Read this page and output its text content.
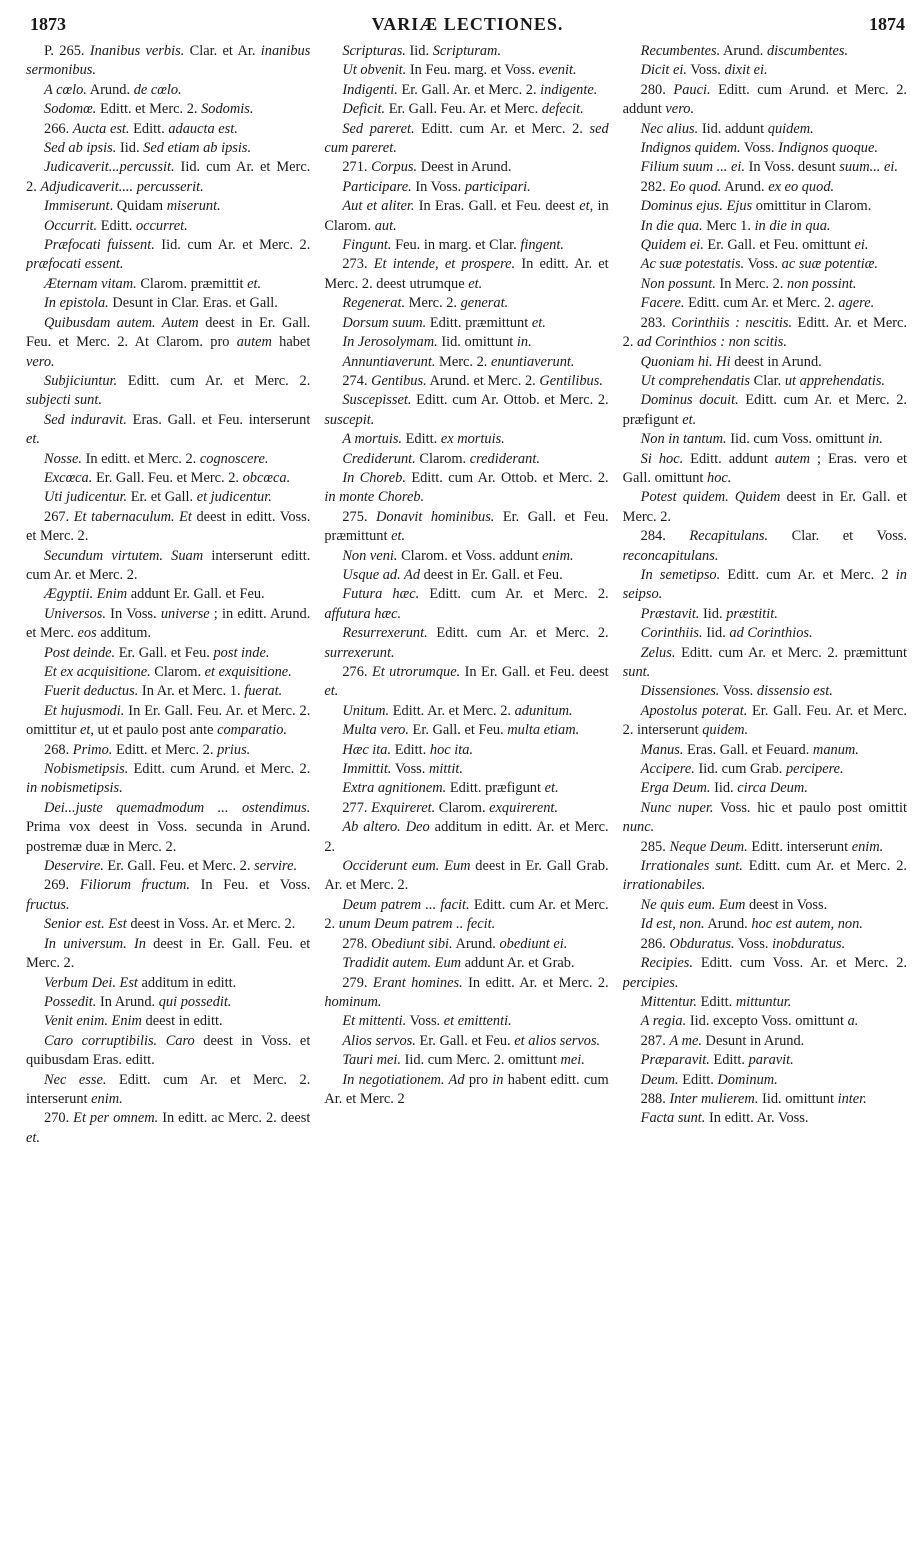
1873	VARIÆ LECTIONES.	1874

P. 265. Inanibus verbis. Clar. et Ar. inanibus sermonibus.

A cœlo. Arund. de cœlo.

Sodomœ. Editt. et Merc. 2. Sodomis.

266. Aucta est. Editt. adaucta est.

Sed ab ipsis. Iid. Sed etiam ab ipsis.

Judicaverit...percussit. Iid. cum Ar. et Merc. 2. Adjudicaverit.... percusserit.

Immiserunt. Quidam miserunt.

Occurrit. Editt. occurret.

Præfocati fuissent. Iid. cum Ar. et Merc. 2. præfocati essent.

Æternam vitam. Clarom. præmittit et.

In epistola. Desunt in Clar. Eras. et Gall.

Quibusdam autem. Autem deest in Er. Gall. Feu. et Merc. 2. At Clarom. pro autem habet vero.

Subjiciuntur. Editt. cum Ar. et Merc. 2. subjecti sunt.

Sed induravit. Eras. Gall. et Feu. interserunt et.

Nosse. In editt. et Merc. 2. cognoscere.

Excœca. Er. Gall. Feu. et Merc. 2. obcœca.

Uti judicentur. Er. et Gall. et judicentur.

267. Et tabernaculum. Et deest in editt. Voss. et Merc. 2.

Secundum virtutem. Suam interserunt editt. cum Ar. et Merc. 2.

Ægyptii. Enim addunt Er. Gall. et Feu.

Universos. In Voss. universe ; in editt. Arund. et Merc. eos additum.

Post deinde. Er. Gall. et Feu. post inde.

Et ex acquisitione. Clarom. et exquisitione.

Fuerit deductus. In Ar. et Merc. 1. fuerat.

Et hujusmodi. In Er. Gall. Feu. Ar. et Merc. 2. omittitur et, ut et paulo post ante comparatio.

268. Primo. Editt. et Merc. 2. prius.

Nobismetipsis. Editt. cum Arund. et Merc. 2. in nobismetipsis.

Dei...juste quemadmodum ... ostendimus. Prima vox deest in Voss. secunda in Arund. postremæ duæ in Merc. 2.

Deservire. Er. Gall. Feu. et Merc. 2. servire.

269. Filiorum fructum. In Feu. et Voss. fructus.

Senior est. Est deest in Voss. Ar. et Merc. 2.

In universum. In deest in Er. Gall. Feu. et Merc. 2.

Verbum Dei. Est additum in editt.

Possedit. In Arund. qui possedit.

Venit enim. Enim deest in editt.

Caro corruptibilis. Caro deest in Voss. et quibusdam Eras. editt.

Nec esse. Editt. cum Ar. et Merc. 2. interserunt enim.

270. Et per omnem. In editt. ac Merc. 2. deest et.

Scripturas. Iid. Scripturam.

Ut obvenit. In Feu. marg. et Voss. evenit.

Indigenti. Er. Gall. Ar. et Merc. 2. indigente.

Deficit. Er. Gall. Feu. Ar. et Merc. defecit.

Sed pareret. Editt. cum Ar. et Merc. 2. sed cum pareret.

271. Corpus. Deest in Arund.

Participare. In Voss. participari.

Aut et aliter. In Eras. Gall. et Feu. deest et, in Clarom. aut.

Fingunt. Feu. in marg. et Clar. fingent.

273. Et intende, et prospere. In editt. Ar. et Merc. 2. deest utrumque et.

Regenerat. Merc. 2. generat.

Dorsum suum. Editt. præmittunt et.

In Jerosolymam. Iid. omittunt in.

Annuntiaverunt. Merc. 2. enuntiaverunt.

274. Gentibus. Arund. et Merc. 2. Gentilibus.

Suscepisset. Editt. cum Ar. Ottob. et Merc. 2. suscepit.

A mortuis. Editt. ex mortuis.

Crediderunt. Clarom. crediderant.

In Choreb. Editt. cum Ar. Ottob. et Merc. 2. in monte Choreb.

275. Donavit hominibus. Er. Gall. et Feu. præmittunt et.

Non veni. Clarom. et Voss. addunt enim.

Usque ad. Ad deest in Er. Gall. et Feu.

Futura hæc. Editt. cum Ar. et Merc. 2. affutura hæc.

Resurrexerunt. Editt. cum Ar. et Merc. 2. surrexerunt.

276. Et utrorumque. In Er. Gall. et Feu. deest et.

Unitum. Editt. Ar. et Merc. 2. adunitum.

Multa vero. Er. Gall. et Feu. multa etiam.

Hæc ita. Editt. hoc ita.

Immittit. Voss. mittit.

Extra agnitionem. Editt. præfigunt et.

277. Exquireret. Clarom. exquirerent.

Ab altero. Deo additum in editt. Ar. et Merc. 2.

Occiderunt eum. Eum deest in Er. Gall Grab. Ar. et Merc. 2.

Deum patrem ... facit. Editt. cum Ar. et Merc. 2. unum Deum patrem .. fecit.

278. Obediunt sibi. Arund. obediunt ei.

Tradidit autem. Eum addunt Ar. et Grab.

279. Erant homines. In editt. Ar. et Merc. 2. hominum.

Et mittenti. Voss. et emittenti.

Alios servos. Er. Gall. et Feu. et alios servos.

Tauri mei. Iid. cum Merc. 2. omittunt mei.

In negotiationem. Ad pro in habent editt. cum Ar. et Merc. 2

Recumbentes. Arund. discumbentes.

Dicit ei. Voss. dixit ei.

280. Pauci. Editt. cum Arund. et Merc. 2. addunt vero.

Nec alius. Iid. addunt quidem.

Indignos quidem. Voss. Indignos quoque.

Filium suum ... ei. In Voss. desunt suum... ei.

282. Eo quod. Arund. ex eo quod.

Dominus ejus. Ejus omittitur in Clarom.

In die qua. Merc 1. in die in qua.

Quidem ei. Er. Gall. et Feu. omittunt ei.

Ac suæ potestatis. Voss. ac suæ potentiæ.

Non possunt. In Merc. 2. non possint.

Facere. Editt. cum Ar. et Merc. 2. agere.

283. Corinthiis : nescitis. Editt. Ar. et Merc. 2. ad Corinthios : non scitis.

Quoniam hi. Hi deest in Arund.

Ut comprehendatis Clar. ut apprehendatis.

Dominus docuit. Editt. cum Ar. et Merc. 2. præfigunt et.

Non in tantum. Iid. cum Voss. omittunt in.

Si hoc. Editt. addunt autem ; Eras. vero et Gall. omittunt hoc.

Potest quidem. Quidem deest in Er. Gall. et Merc. 2.

284. Recapitulans. Clar. et Voss. reconcapitulans.

In semetipso. Editt. cum Ar. et Merc. 2 in seipso.

Præstavit. Iid. præstitit.

Corinthiis. Iid. ad Corinthios.

Zelus. Editt. cum Ar. et Merc. 2. præmittunt sunt.

Dissensiones. Voss. dissensio est.

Apostolus poterat. Er. Gall. Feu. Ar. et Merc. 2. interserunt quidem.

Manus. Eras. Gall. et Feuard. manum.

Accipere. Iid. cum Grab. percipere.

Erga Deum. Iid. circa Deum.

Nunc nuper. Voss. hic et paulo post omittit nunc.

285. Neque Deum. Editt. interserunt enim.

Irrationales sunt. Editt. cum Ar. et Merc. 2. irrationabiles.

Ne quis eum. Eum deest in Voss.

Id est, non. Arund. hoc est autem, non.

286. Obduratus. Voss. inobduratus.

Recipies. Editt. cum Voss. Ar. et Merc. 2. percipies.

Mittentur. Editt. mittuntur.

A regia. Iid. excepto Voss. omittunt a.

287. A me. Desunt in Arund.

Præparavit. Editt. paravit.

Deum. Editt. Dominum.

288. Inter mulierem. Iid. omittunt inter.

Facta sunt. In editt. Ar. Voss.
